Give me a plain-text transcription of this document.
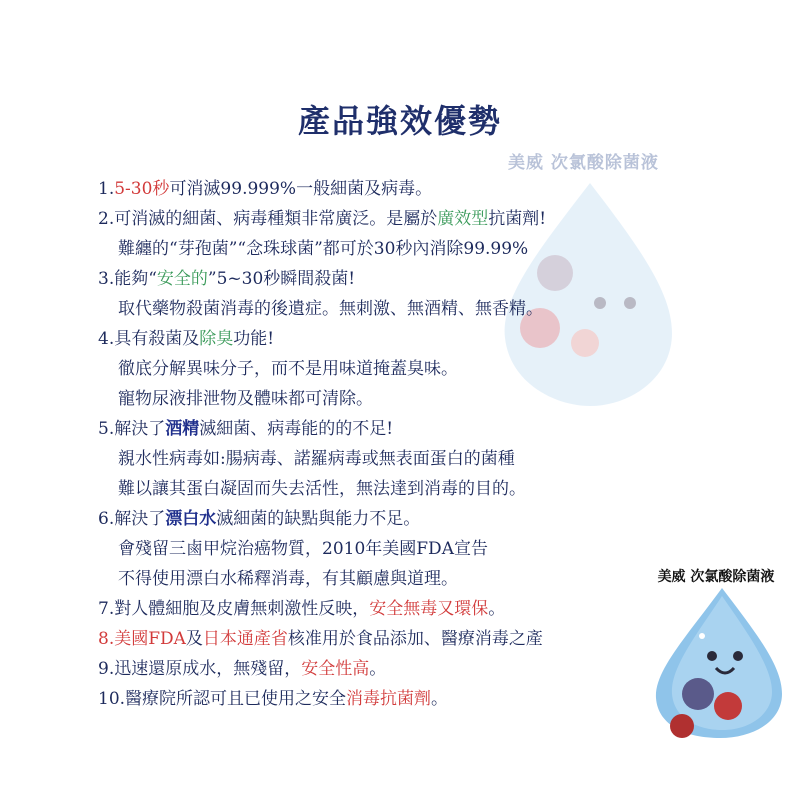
產品強效優勢
美威 次氯酸除菌液
1.5-30秒可消滅99.999%一般細菌及病毒。
2.可消滅的細菌、病毒種類非常廣泛。是屬於廣效型抗菌劑!
難纏的“芽孢菌”“念珠球菌”都可於30秒內消除99.99%
3.能夠“安全的”5~30秒瞬間殺菌!
取代藥物殺菌消毒的後遺症。無刺激、無酒精、無香精。
4.具有殺菌及除臭功能!
徹底分解異味分子，而不是用味道掩蓋臭味。
寵物尿液排泄物及體味都可清除。
5.解決了酒精滅細菌、病毒能的的不足!
親水性病毒如:腸病毒、諾羅病毒或無表面蛋白的菌種
難以讓其蛋白凝固而失去活性，無法達到消毒的目的。
6.解決了漂白水滅細菌的缺點與能力不足。
會殘留三鹵甲烷治癌物質，2010年美國FDA宣告
不得使用漂白水稀釋消毒，有其顧慮與道理。
7.對人體細胞及皮膚無刺激性反映，安全無毒又環保。
8.美國FDA及日本通產省核准用於食品添加、醫療消毒之產
9.迅速還原成水，無殘留，安全性高。
10.醫療院所認可且已使用之安全消毒抗菌劑。
美威 次氯酸除菌液
